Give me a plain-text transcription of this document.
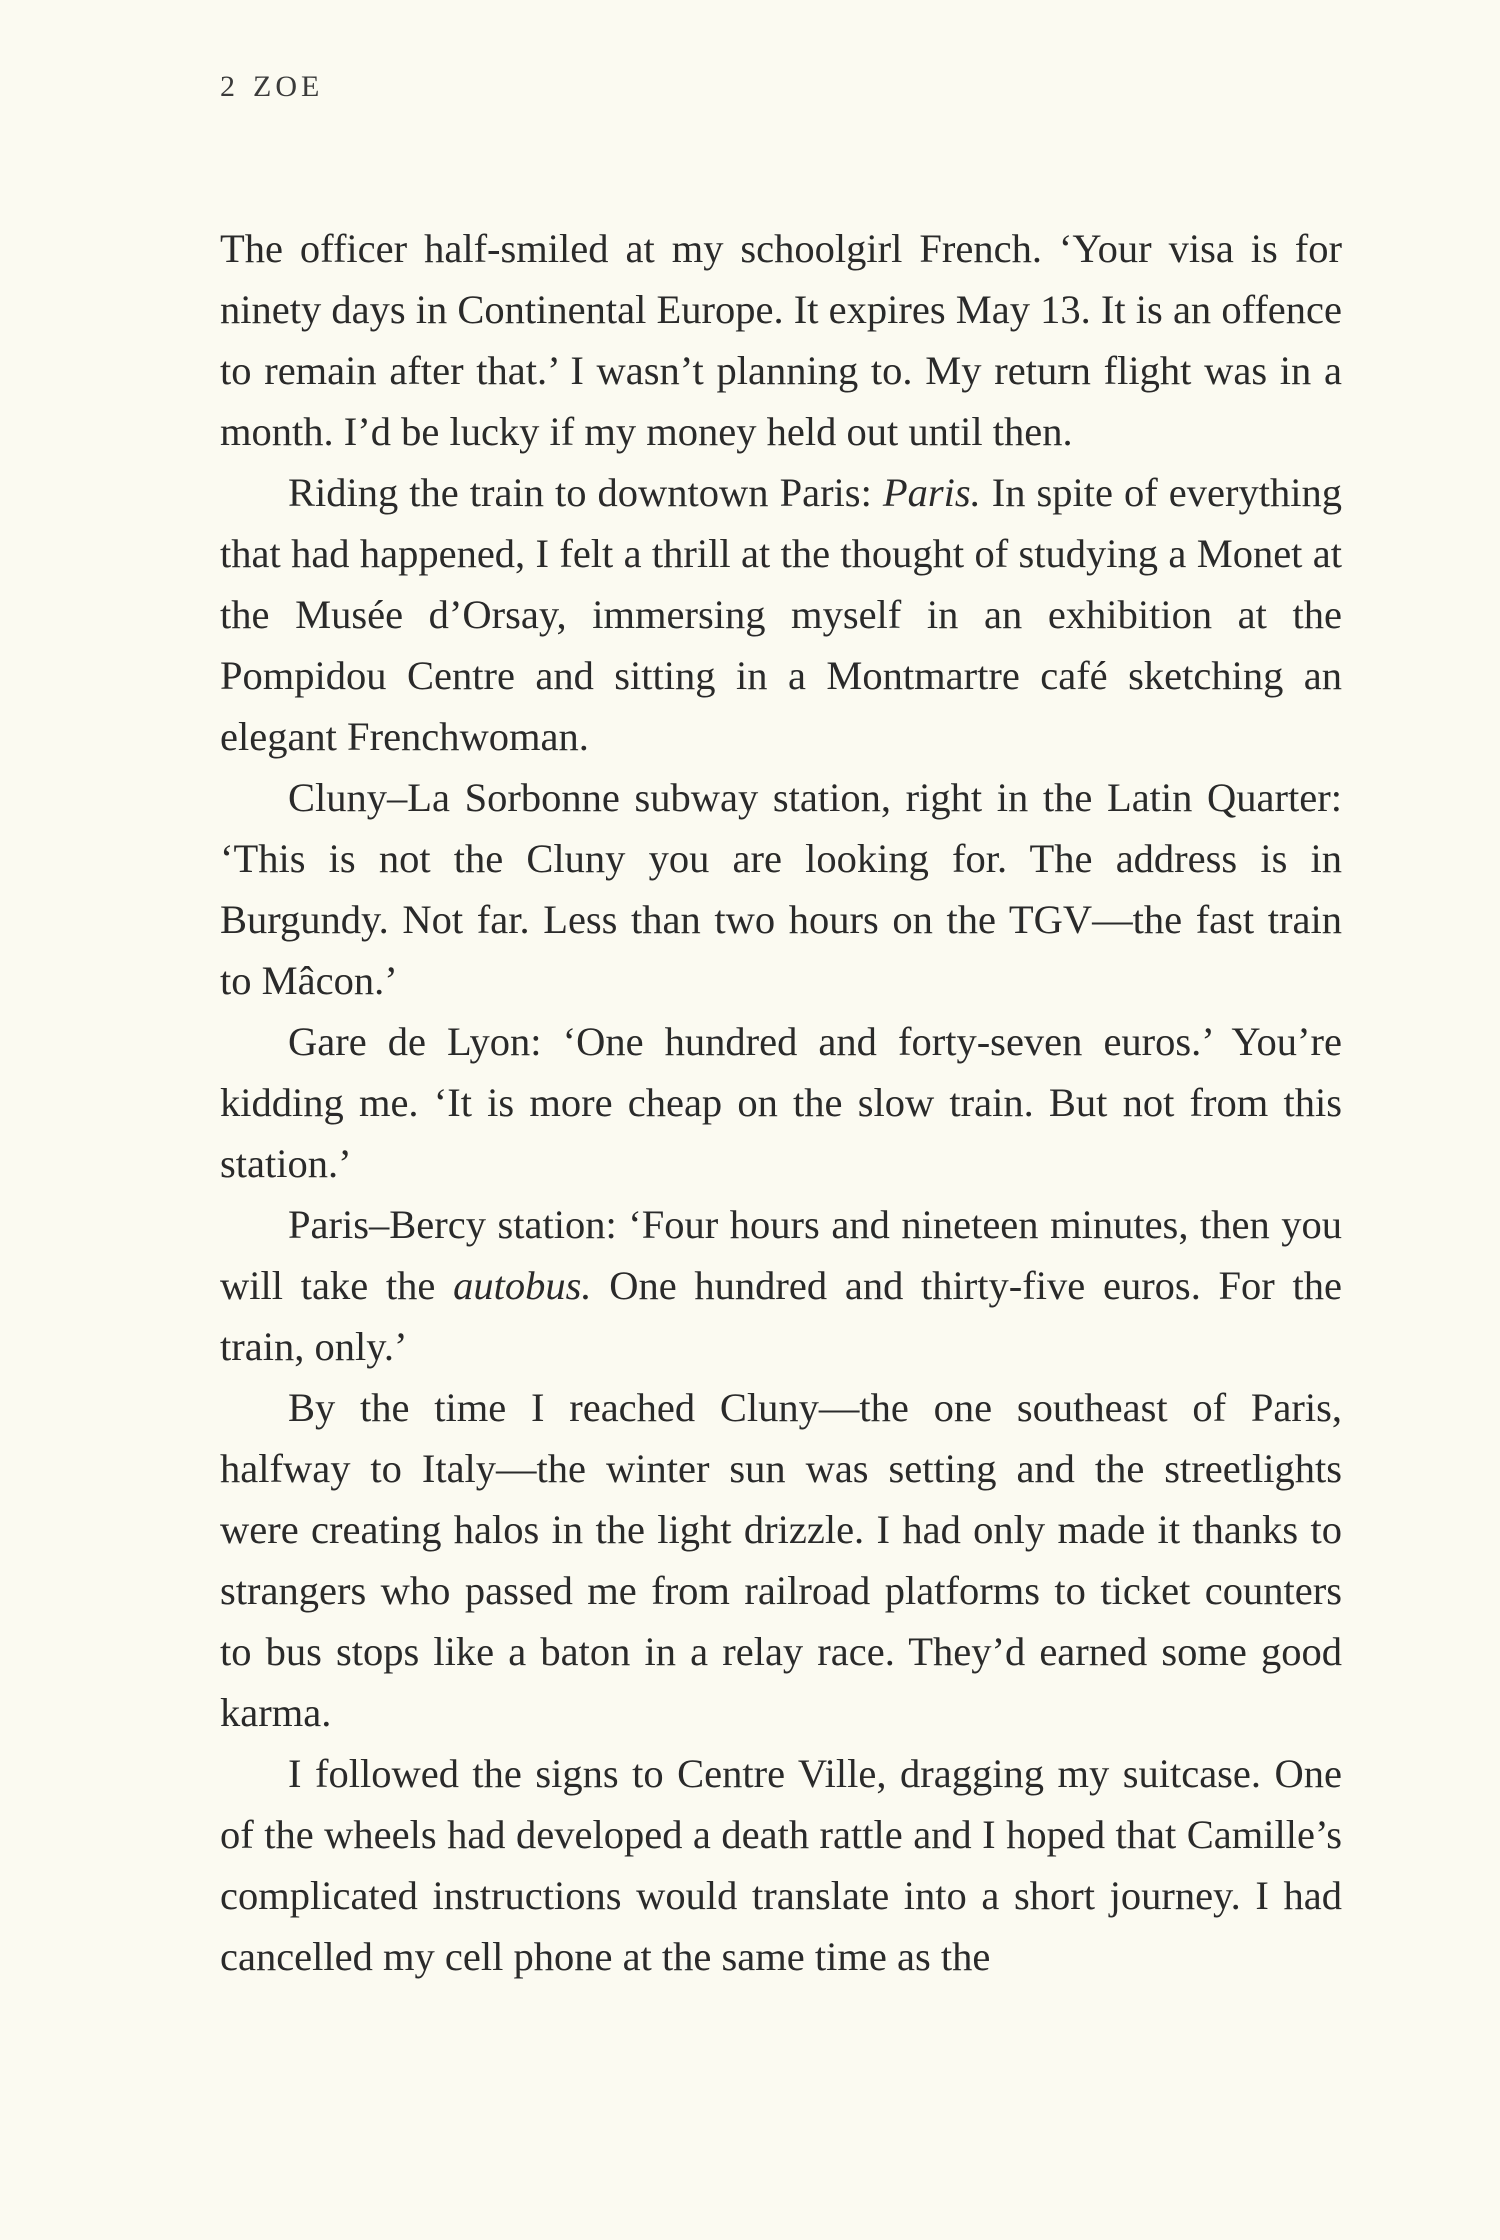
2 ZOE

The officer half-smiled at my schoolgirl French. ‘Your visa is for ninety days in Continental Europe. It expires May 13. It is an offence to remain after that.’ I wasn’t planning to. My return flight was in a month. I’d be lucky if my money held out until then.

Riding the train to downtown Paris: Paris. In spite of everything that had happened, I felt a thrill at the thought of studying a Monet at the Musée d’Orsay, immersing myself in an exhibition at the Pompidou Centre and sitting in a Montmartre café sketching an elegant Frenchwoman.

Cluny–La Sorbonne subway station, right in the Latin Quarter: ‘This is not the Cluny you are looking for. The address is in Burgundy. Not far. Less than two hours on the TGV—the fast train to Mâcon.’

Gare de Lyon: ‘One hundred and forty-seven euros.’ You’re kidding me. ‘It is more cheap on the slow train. But not from this station.’

Paris–Bercy station: ‘Four hours and nineteen minutes, then you will take the autobus. One hundred and thirty-five euros. For the train, only.’

By the time I reached Cluny—the one southeast of Paris, halfway to Italy—the winter sun was setting and the streetlights were creating halos in the light drizzle. I had only made it thanks to strangers who passed me from railroad platforms to ticket counters to bus stops like a baton in a relay race. They’d earned some good karma.

I followed the signs to Centre Ville, dragging my suitcase. One of the wheels had developed a death rattle and I hoped that Camille’s complicated instructions would translate into a short journey. I had cancelled my cell phone at the same time as the
